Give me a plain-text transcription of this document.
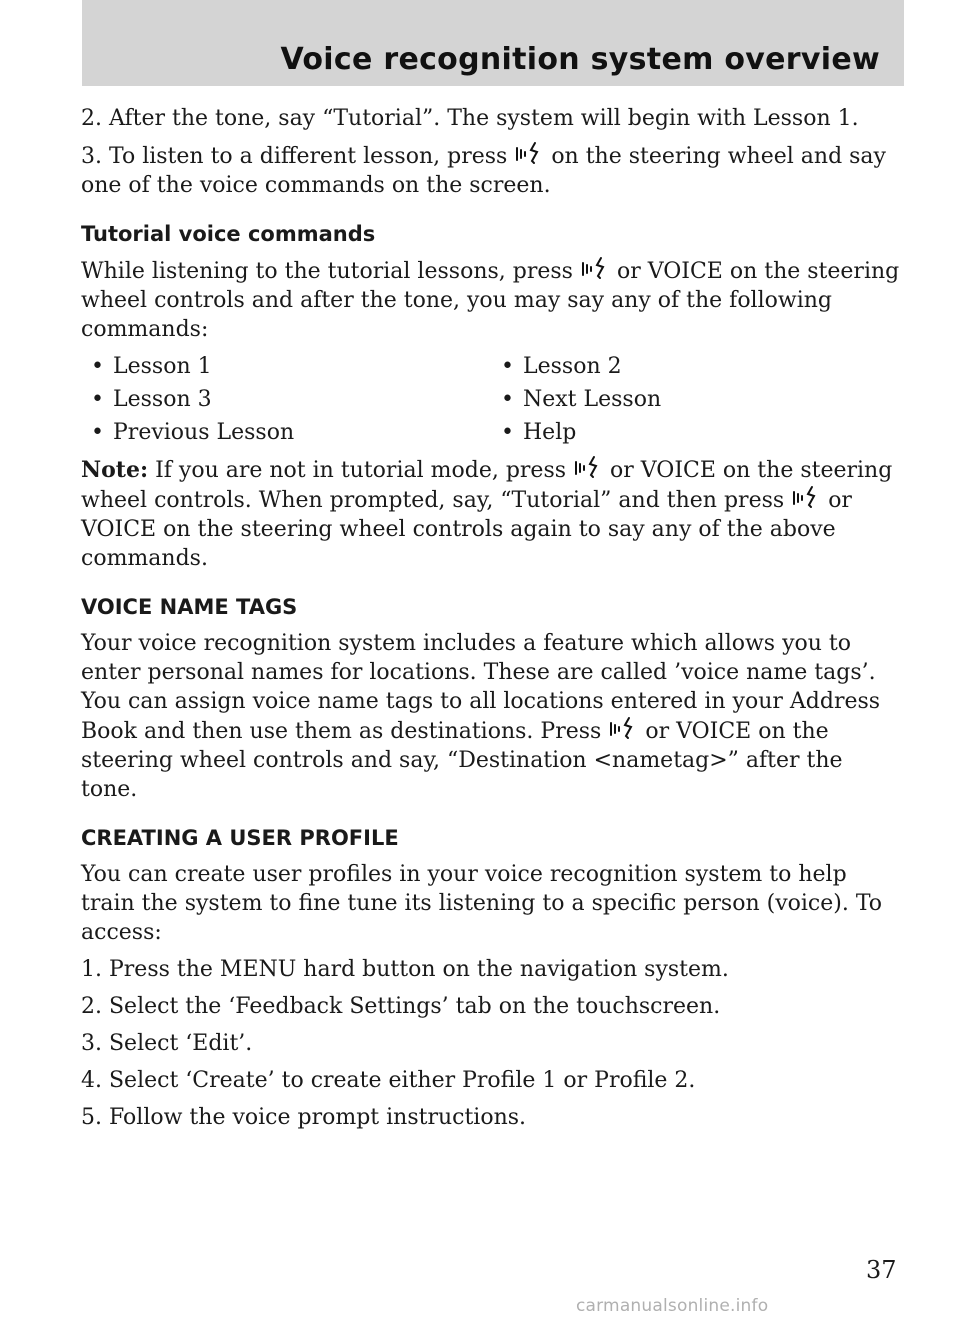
Voice recognition system overview

2. After the tone, say “Tutorial”. The system will begin with Lesson 1.

3. To listen to a different lesson, press on the steering wheel and say one of the voice commands on the screen.

Tutorial voice commands

While listening to the tutorial lessons, press or VOICE on the steering wheel controls and after the tone, you may say any of the following commands:

• Lesson 1	• Lesson 2
• Lesson 3	• Next Lesson
• Previous Lesson	• Help

Note: If you are not in tutorial mode, press or VOICE on the steering wheel controls. When prompted, say, “Tutorial” and then press or VOICE on the steering wheel controls again to say any of the above commands.

VOICE NAME TAGS

Your voice recognition system includes a feature which allows you to enter personal names for locations. These are called ’voice name tags’. You can assign voice name tags to all locations entered in your Address Book and then use them as destinations. Press or VOICE on the steering wheel controls and say, “Destination <nametag>” after the tone.

CREATING A USER PROFILE

You can create user profiles in your voice recognition system to help train the system to fine tune its listening to a specific person (voice). To access:

1. Press the MENU hard button on the navigation system.

2. Select the ‘Feedback Settings’ tab on the touchscreen.

3. Select ‘Edit’.

4. Select ‘Create’ to create either Profile 1 or Profile 2.

5. Follow the voice prompt instructions.

37
carmanualsonline.info
